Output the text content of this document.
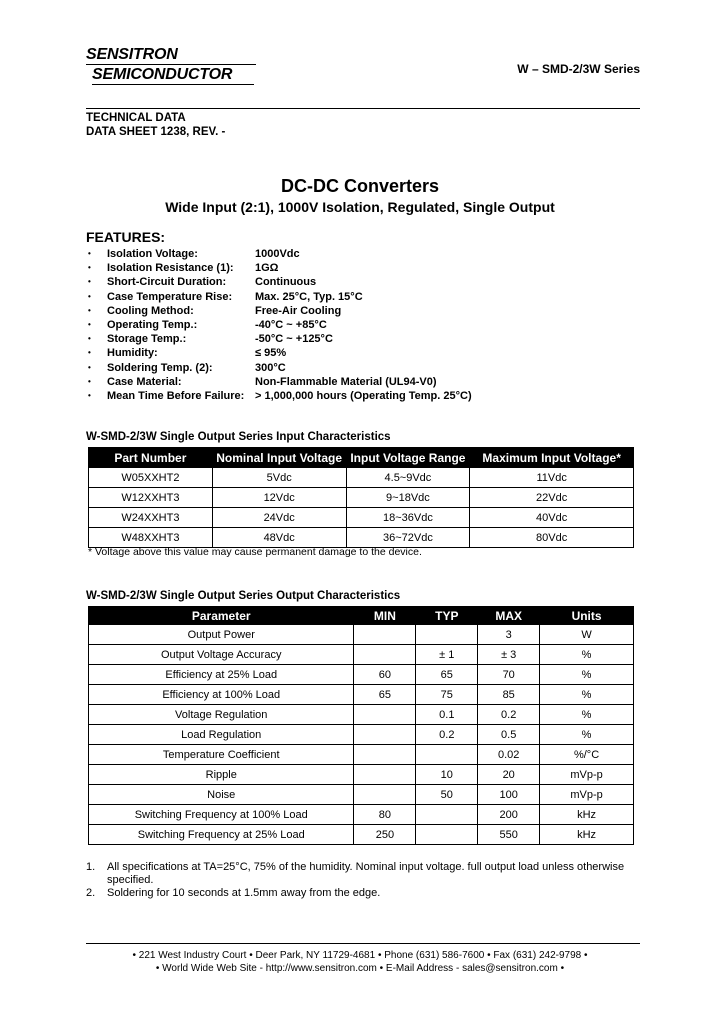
SENSITRON
SEMICONDUCTOR	W – SMD-2/3W Series
TECHNICAL DATA
DATA SHEET 1238, REV. -
DC-DC Converters
Wide Input (2:1), 1000V Isolation, Regulated, Single Output
FEATURES:
• Isolation Voltage:	1000Vdc
• Isolation Resistance (1): 1GΩ
• Short-Circuit Duration:	Continuous
• Case Temperature Rise: Max. 25°C, Typ. 15°C
• Cooling Method:	Free-Air Cooling
• Operating Temp.:	-40°C ~ +85°C
• Storage Temp.:	-50°C ~ +125°C
• Humidity:	≤ 95%
• Soldering Temp. (2):	300°C
• Case Material:	Non-Flammable Material (UL94-V0)
• Mean Time Before Failure: > 1,000,000 hours (Operating Temp. 25°C)
W-SMD-2/3W Single Output Series Input Characteristics
Part Number	Nominal Input Voltage	Input Voltage Range	Maximum Input Voltage*
W05XXHT2	5Vdc	4.5~9Vdc	11Vdc
W12XXHT3	12Vdc	9~18Vdc	22Vdc
W24XXHT3	24Vdc	18~36Vdc	40Vdc
W48XXHT3	48Vdc	36~72Vdc	80Vdc
* Voltage above this value may cause permanent damage to the device.
W-SMD-2/3W Single Output Series Output Characteristics
Parameter	MIN	TYP	MAX	Units
Output Power			3	W
Output Voltage Accuracy		± 1	± 3	%
Efficiency at 25% Load	60	65	70	%
Efficiency at 100% Load	65	75	85	%
Voltage Regulation		0.1	0.2	%
Load Regulation		0.2	0.5	%
Temperature Coefficient			0.02	%/°C
Ripple		10	20	mVp-p
Noise		50	100	mVp-p
Switching Frequency at 100% Load	80		200	kHz
Switching Frequency at 25% Load	250		550	kHz
1. All specifications at TA=25°C, 75% of the humidity. Nominal input voltage. full output load unless otherwise specified.
2. Soldering for 10 seconds at 1.5mm away from the edge.
• 221 West Industry Court • Deer Park, NY 11729-4681 • Phone (631) 586-7600 • Fax (631) 242-9798 •
• World Wide Web Site - http://www.sensitron.com • E-Mail Address - sales@sensitron.com •
